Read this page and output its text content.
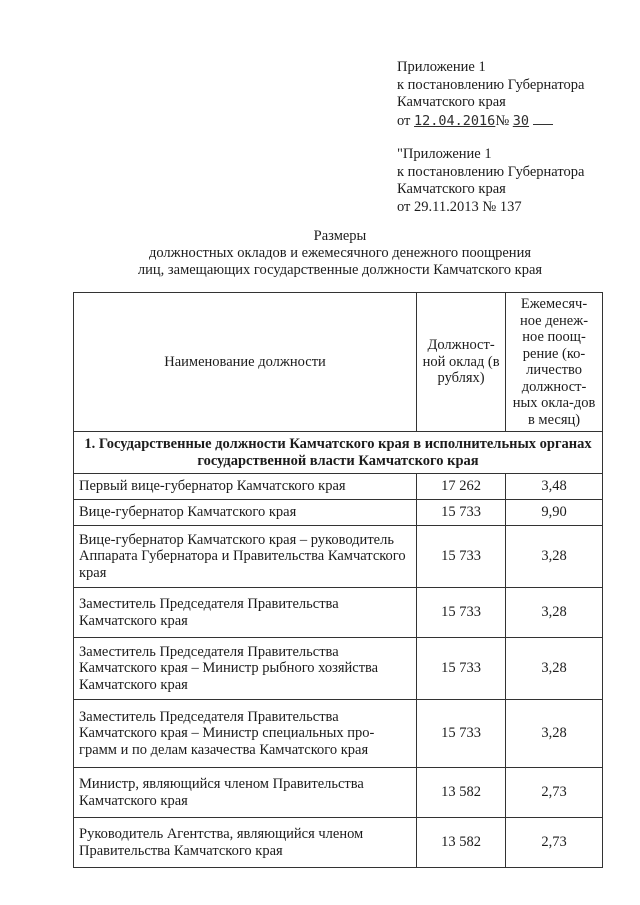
Приложение 1
к постановлению Губернатора
Камчатского края
от 12.04.2016№ 30
"Приложение 1
к постановлению Губернатора
Камчатского края
от 29.11.2013 № 137
Размеры
должностных окладов и ежемесячного денежного поощрения
лиц, замещающих государственные должности Камчатского края
Наименование должности	Должност-ной оклад (в рублях)	Ежемесяч-ное денеж-ное поощ-рение (ко-личество должност-ных окла-дов в месяц)
1. Государственные должности Камчатского края в исполнительных органах государственной власти Камчатского края		
Первый вице-губернатор Камчатского края	17 262	3,48
Вице-губернатор Камчатского края	15 733	9,90
Вице-губернатор Камчатского края – руководитель Аппарата Губернатора и Правительства Камчатского края	15 733	3,28
Заместитель Председателя Правительства Камчатского края	15 733	3,28
Заместитель Председателя Правительства Камчатского края – Министр рыбного хозяйства Камчатского края	15 733	3,28
Заместитель Председателя Правительства Камчатского края – Министр специальных про-грамм и по делам казачества Камчатского края	15 733	3,28
Министр, являющийся членом Правительства Камчатского края	13 582	2,73
Руководитель Агентства, являющийся членом Правительства Камчатского края	13 582	2,73
